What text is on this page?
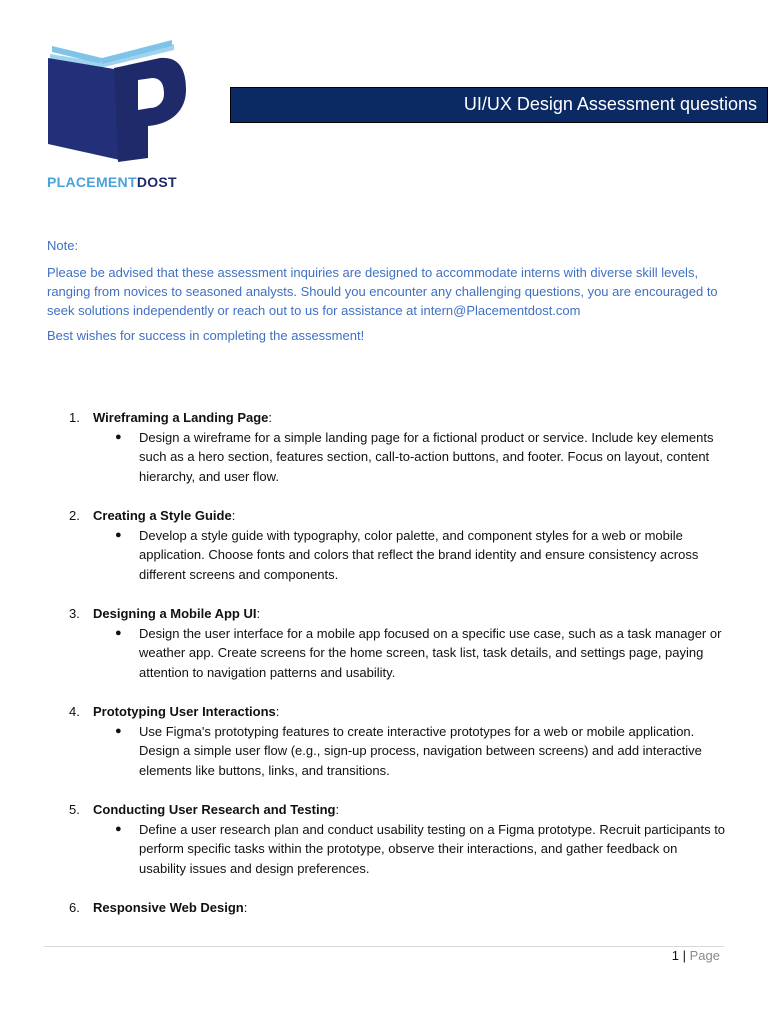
PLACEMENTDOST
UI/UX Design Assessment questions
Note:
Please be advised that these assessment inquiries are designed to accommodate interns with diverse skill levels, ranging from novices to seasoned analysts. Should you encounter any challenging questions, you are encouraged to seek solutions independently or reach out to us for assistance at intern@Placementdost.com
Best wishes for success in completing the assessment!
1. Wireframing a Landing Page:
● Design a wireframe for a simple landing page for a fictional product or service. Include key elements such as a hero section, features section, call-to-action buttons, and footer. Focus on layout, content hierarchy, and user flow.
2. Creating a Style Guide:
● Develop a style guide with typography, color palette, and component styles for a web or mobile application. Choose fonts and colors that reflect the brand identity and ensure consistency across different screens and components.
3. Designing a Mobile App UI:
● Design the user interface for a mobile app focused on a specific use case, such as a task manager or weather app. Create screens for the home screen, task list, task details, and settings page, paying attention to navigation patterns and usability.
4. Prototyping User Interactions:
● Use Figma's prototyping features to create interactive prototypes for a web or mobile application. Design a simple user flow (e.g., sign-up process, navigation between screens) and add interactive elements like buttons, links, and transitions.
5. Conducting User Research and Testing:
● Define a user research plan and conduct usability testing on a Figma prototype. Recruit participants to perform specific tasks within the prototype, observe their interactions, and gather feedback on usability issues and design preferences.
6. Responsive Web Design:
1 | Page
